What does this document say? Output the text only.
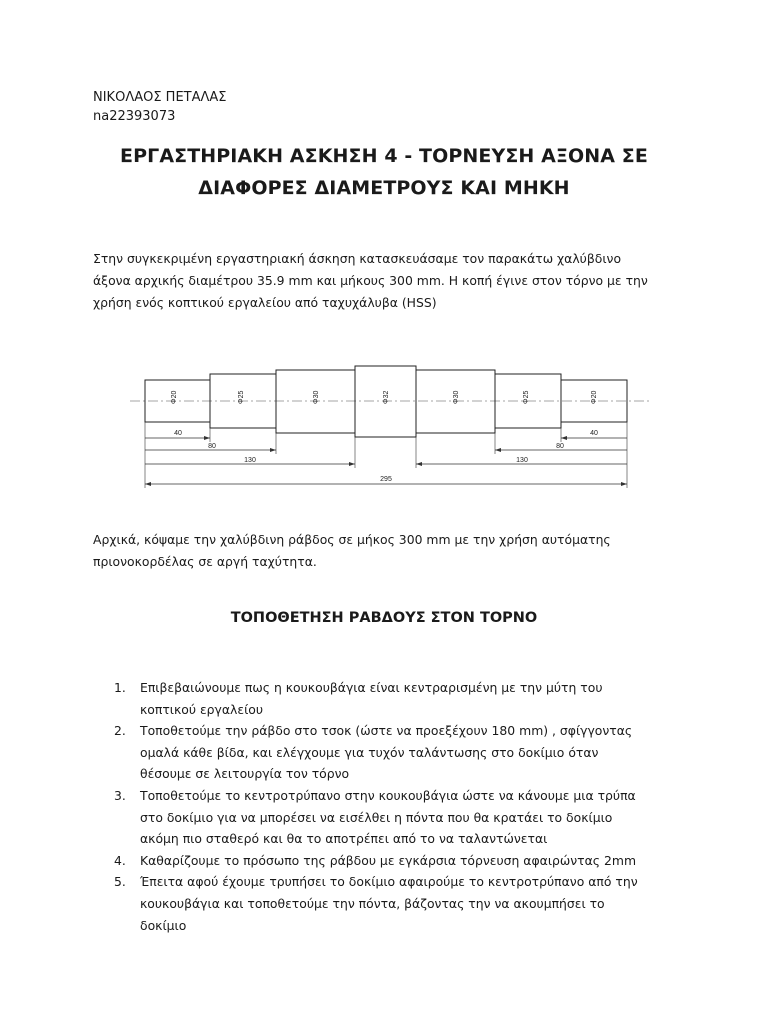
ΝΙΚΟΛΑΟΣ ΠΕΤΑΛΑΣ
na22393073
ΕΡΓΑΣΤΗΡΙΑΚΗ ΑΣΚΗΣΗ 4 - ΤΟΡΝΕΥΣΗ ΑΞΟΝΑ ΣΕ
ΔΙΑΦΟΡΕΣ ΔΙΑΜΕΤΡΟΥΣ ΚΑΙ ΜΗΚΗ
Στην συγκεκριμένη εργαστηριακή άσκηση κατασκευάσαμε τον παρακάτω χαλύβδινο
άξονα αρχικής διαμέτρου 35.9 mm και μήκους 300 mm. Η κοπή έγινε στον τόρνο με την
χρήση ενός κοπτικού εργαλείου από ταχυχάλυβα (HSS)
Φ20	Φ25	Φ30	Φ32	Φ30	Φ25	Φ20
40
80
130
40
80
130
295
Αρχικά, κόψαμε την χαλύβδινη ράβδος σε μήκος 300 mm με την χρήση αυτόματης
πριονοκορδέλας σε αργή ταχύτητα.
ΤΟΠΟΘΕΤΗΣΗ ΡΑΒΔΟΥΣ ΣΤΟΝ ΤΟΡΝΟ
1. Επιβεβαιώνουμε πως η κουκουβάγια είναι κεντραρισμένη με την μύτη του
κοπτικού εργαλείου
2. Τοποθετούμε την ράβδο στο τσοκ (ώστε να προεξέχουν 180 mm) , σφίγγοντας
ομαλά κάθε βίδα, και ελέγχουμε για τυχόν ταλάντωσης στο δοκίμιο όταν
θέσουμε σε λειτουργία τον τόρνο
3. Τοποθετούμε το κεντροτρύπανο στην κουκουβάγια ώστε να κάνουμε μια τρύπα
στο δοκίμιο για να μπορέσει να εισέλθει η πόντα που θα κρατάει το δοκίμιο
ακόμη πιο σταθερό και θα το αποτρέπει από το να ταλαντώνεται
4. Καθαρίζουμε το πρόσωπο της ράβδου με εγκάρσια τόρνευση αφαιρώντας 2mm
5. Έπειτα αφού έχουμε τρυπήσει το δοκίμιο αφαιρούμε το κεντροτρύπανο από την
κουκουβάγια και τοποθετούμε την πόντα, βάζοντας την να ακουμπήσει το
δοκίμιο
